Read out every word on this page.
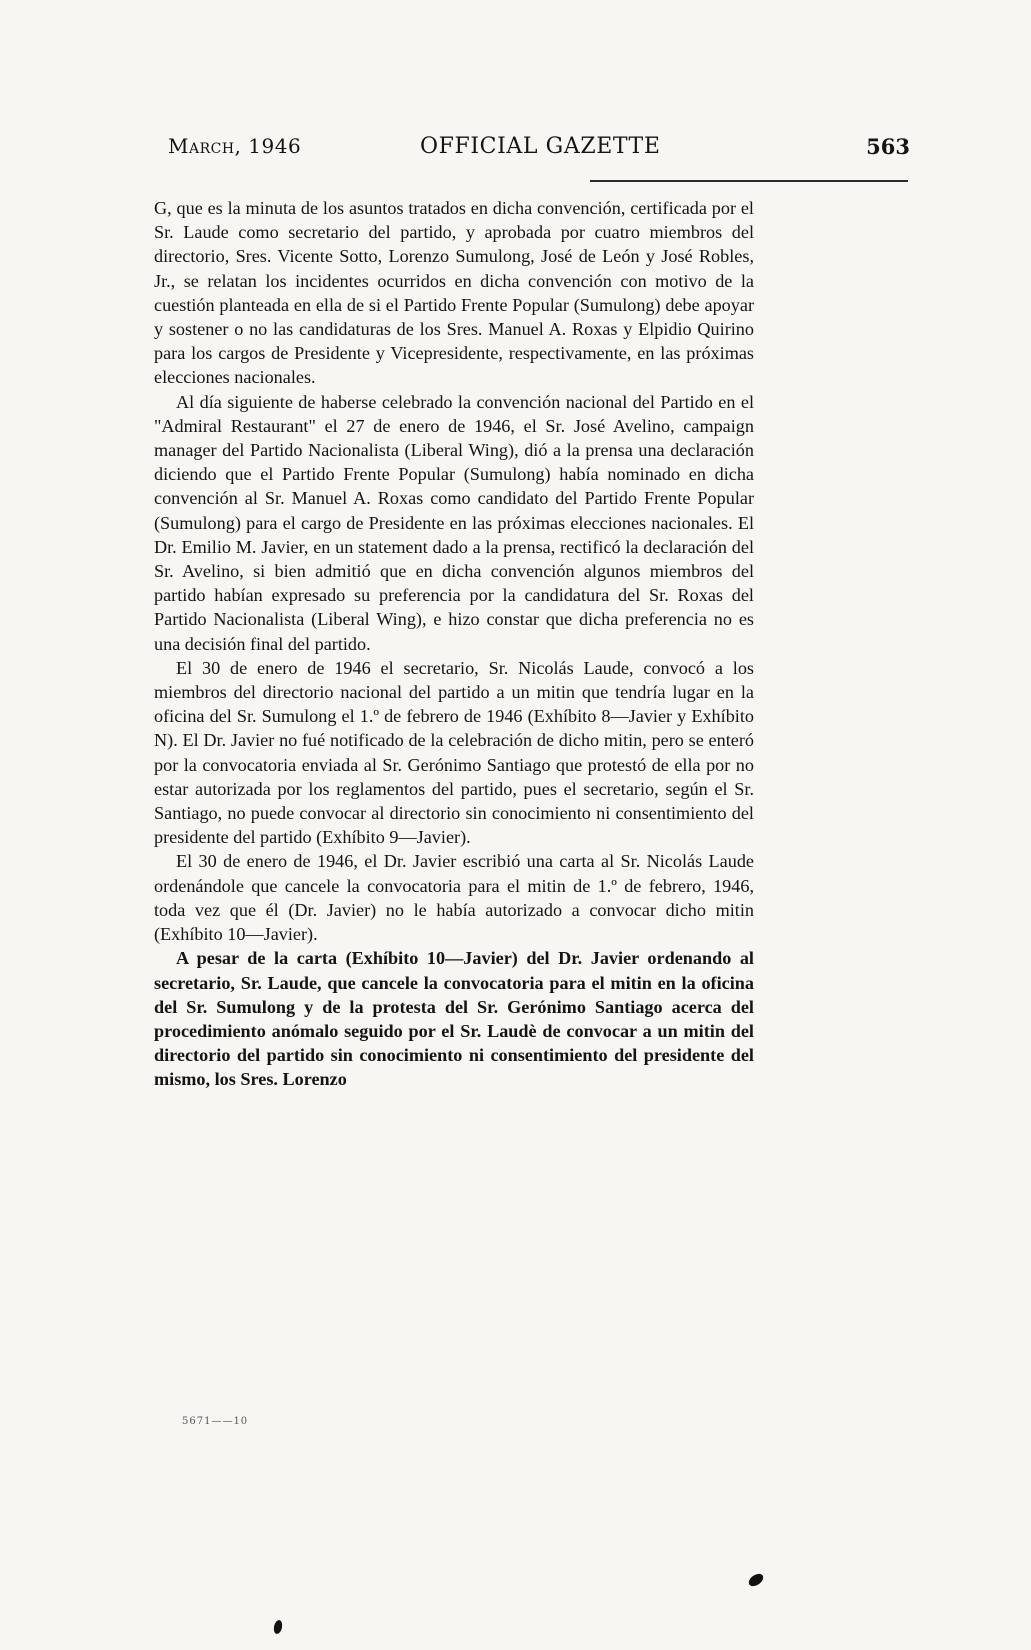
March, 1946	OFFICIAL GAZETTE	563

G, que es la minuta de los asuntos tratados en dicha convención, certificada por el Sr. Laude como secretario del partido, y aprobada por cuatro miembros del directorio, Sres. Vicente Sotto, Lorenzo Sumulong, José de León y José Robles, Jr., se relatan los incidentes ocurridos en dicha convención con motivo de la cuestión planteada en ella de si el Partido Frente Popular (Sumulong) debe apoyar y sostener o no las candidaturas de los Sres. Manuel A. Roxas y Elpidio Quirino para los cargos de Presidente y Vicepresidente, respectivamente, en las próximas elecciones nacionales.

Al día siguiente de haberse celebrado la convención nacional del Partido en el "Admiral Restaurant" el 27 de enero de 1946, el Sr. José Avelino, campaign manager del Partido Nacionalista (Liberal Wing), dió a la prensa una declaración diciendo que el Partido Frente Popular (Sumulong) había nominado en dicha convención al Sr. Manuel A. Roxas como candidato del Partido Frente Popular (Sumulong) para el cargo de Presidente en las próximas elecciones nacionales. El Dr. Emilio M. Javier, en un statement dado a la prensa, rectificó la declaración del Sr. Avelino, si bien admitió que en dicha convención algunos miembros del partido habían expresado su preferencia por la candidatura del Sr. Roxas del Partido Nacionalista (Liberal Wing), e hizo constar que dicha preferencia no es una decisión final del partido.

El 30 de enero de 1946 el secretario, Sr. Nicolás Laude, convocó a los miembros del directorio nacional del partido a un mitin que tendría lugar en la oficina del Sr. Sumulong el 1.º de febrero de 1946 (Exhíbito 8—Javier y Exhíbito N). El Dr. Javier no fué notificado de la celebración de dicho mitin, pero se enteró por la convocatoria enviada al Sr. Gerónimo Santiago que protestó de ella por no estar autorizada por los reglamentos del partido, pues el secretario, según el Sr. Santiago, no puede convocar al directorio sin conocimiento ni consentimiento del presidente del partido (Exhíbito 9—Javier).

El 30 de enero de 1946, el Dr. Javier escribió una carta al Sr. Nicolás Laude ordenándole que cancele la convocatoria para el mitin de 1.º de febrero, 1946, toda vez que él (Dr. Javier) no le había autorizado a convocar dicho mitin (Exhíbito 10—Javier).

A pesar de la carta (Exhíbito 10—Javier) del Dr. Javier ordenando al secretario, Sr. Laude, que cancele la convocatoria para el mitin en la oficina del Sr. Sumulong y de la protesta del Sr. Gerónimo Santiago acerca del procedimiento anómalo seguido por el Sr. Laudè de convocar a un mitin del directorio del partido sin conocimiento ni consentimiento del presidente del mismo, los Sres. Lorenzo

5671——10
